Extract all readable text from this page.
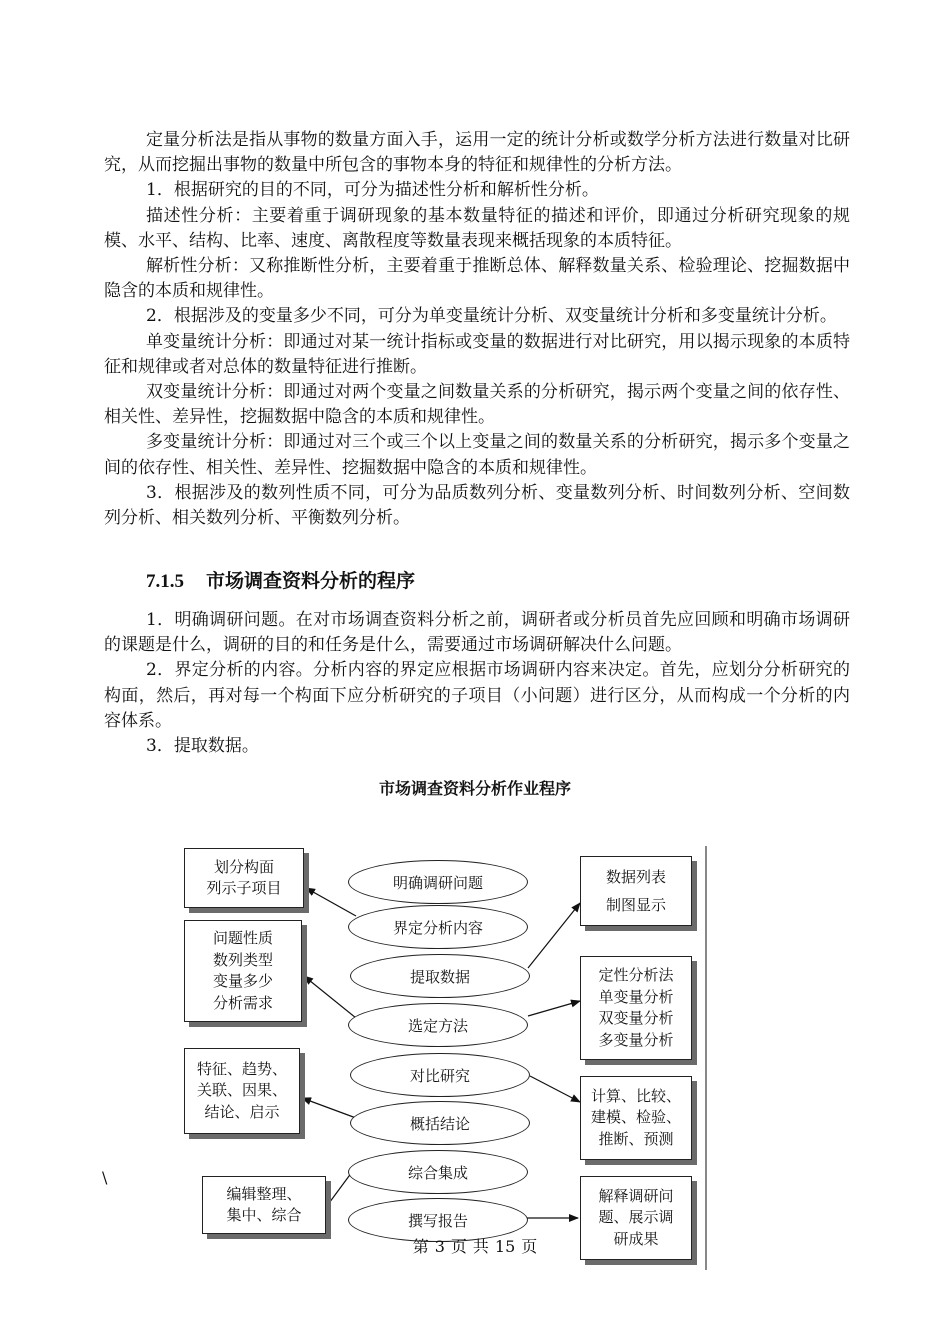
定量分析法是指从事物的数量方面入手，运用一定的统计分析或数学分析方法进行数量对比研究，从而挖掘出事物的数量中所包含的事物本身的特征和规律性的分析方法。

1．根据研究的目的不同，可分为描述性分析和解析性分析。

描述性分析：主要着重于调研现象的基本数量特征的描述和评价，即通过分析研究现象的规模、水平、结构、比率、速度、离散程度等数量表现来概括现象的本质特征。

解析性分析：又称推断性分析，主要着重于推断总体、解释数量关系、检验理论、挖掘数据中隐含的本质和规律性。

2．根据涉及的变量多少不同，可分为单变量统计分析、双变量统计分析和多变量统计分析。

单变量统计分析：即通过对某一统计指标或变量的数据进行对比研究，用以揭示现象的本质特征和规律或者对总体的数量特征进行推断。

双变量统计分析：即通过对两个变量之间数量关系的分析研究，揭示两个变量之间的依存性、相关性、差异性，挖掘数据中隐含的本质和规律性。

多变量统计分析：即通过对三个或三个以上变量之间的数量关系的分析研究，揭示多个变量之间的依存性、相关性、差异性、挖掘数据中隐含的本质和规律性。

3．根据涉及的数列性质不同，可分为品质数列分析、变量数列分析、时间数列分析、空间数列分析、相关数列分析、平衡数列分析。

7.1.5 市场调查资料分析的程序

1．明确调研问题。在对市场调查资料分析之前，调研者或分析员首先应回顾和明确市场调研的课题是什么，调研的目的和任务是什么，需要通过市场调研解决什么问题。

2．界定分析的内容。分析内容的界定应根据市场调研内容来决定。首先，应划分分析研究的构面，然后，再对每一个构面下应分析研究的子项目（小问题）进行区分，从而构成一个分析的内容体系。

3．提取数据。

市场调查资料分析作业程序
明确调研问题
界定分析内容
提取数据
选定方法
对比研究
概括结论
综合集成
撰写报告
划分构面
列示子项目
问题性质
数列类型
变量多少
分析需求
特征、趋势、
关联、因果、
结论、启示
编辑整理、
集中、综合
数据列表
制图显示
定性分析法
单变量分析
双变量分析
多变量分析
计算、比较、
建模、检验、
推断、预测
解释调研问
题、展示调
研成果
\
第 3 页 共 15 页
